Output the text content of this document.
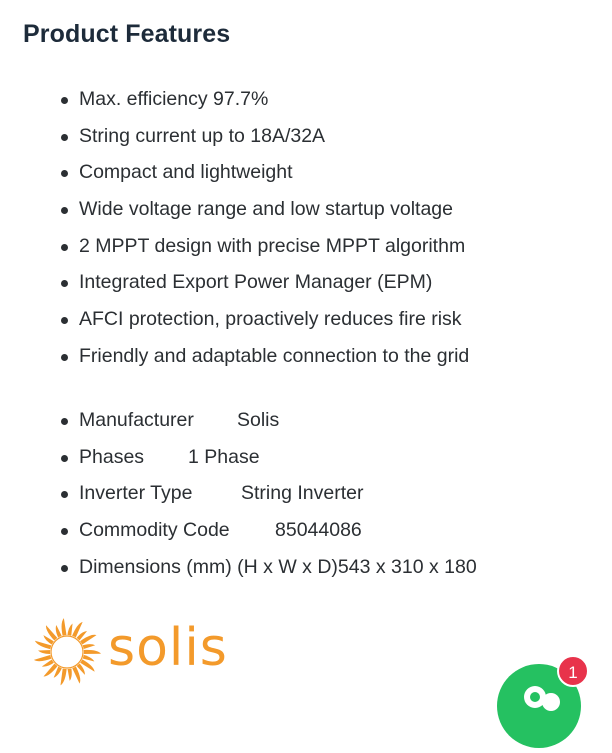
Product Features
Max. efficiency 97.7%
String current up to 18A/32A
Compact and lightweight
Wide voltage range and low startup voltage
2 MPPT design with precise MPPT algorithm
Integrated Export Power Manager (EPM)
AFCI protection, proactively reduces fire risk
Friendly and adaptable connection to the grid
Manufacturer Solis
Phases 1 Phase
Inverter Type String Inverter
Commodity Code 85044086
Dimensions (mm) (H x W x D)543 x 310 x 180
solis	1
